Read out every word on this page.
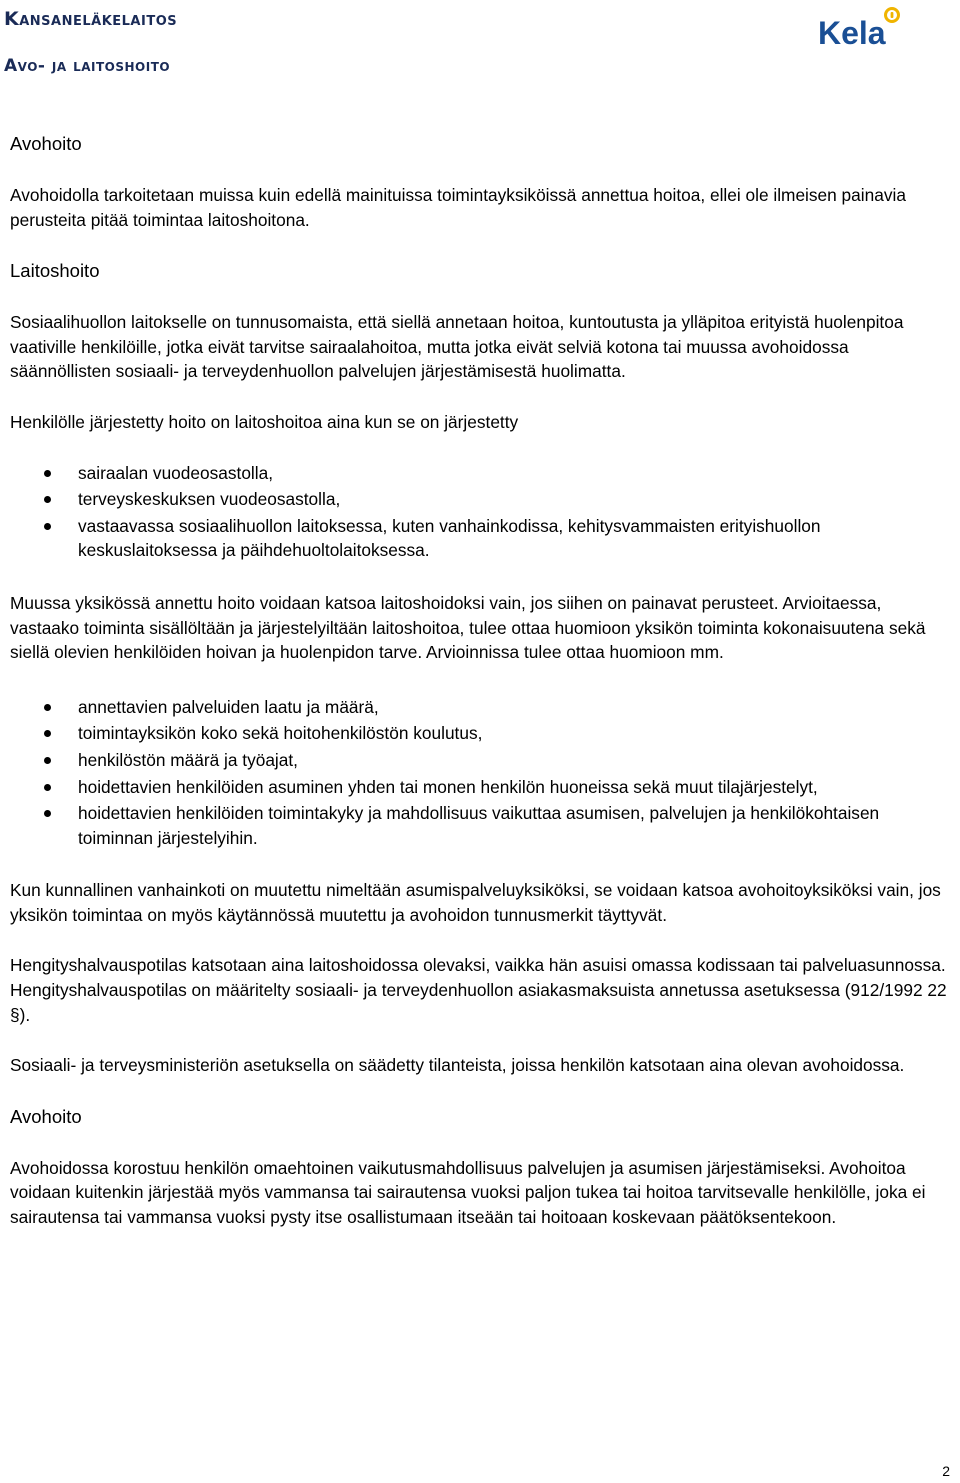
Kansaneläkelaitos
Avo- ja laitoshoito
Kela
Avohoito

Avohoidolla tarkoitetaan muissa kuin edellä mainituissa toimintayksiköissä annettua hoitoa, ellei ole ilmeisen painavia perusteita pitää toimintaa laitoshoitona.

Laitoshoito

Sosiaalihuollon laitokselle on tunnusomaista, että siellä annetaan hoitoa, kuntoutusta ja ylläpitoa erityistä huolenpitoa vaativille henkilöille, jotka eivät tarvitse sairaalahoitoa, mutta jotka eivät selviä kotona tai muussa avohoidossa säännöllisten sosiaali- ja terveydenhuollon palvelujen järjestämisestä huolimatta.

Henkilölle järjestetty hoito on laitoshoitoa aina kun se on järjestetty

sairaalan vuodeosastolla,
terveyskeskuksen vuodeosastolla,
vastaavassa sosiaalihuollon laitoksessa, kuten vanhainkodissa, kehitysvammaisten erityishuollon keskuslaitoksessa ja päihdehuoltolaitoksessa.

Muussa yksikössä annettu hoito voidaan katsoa laitoshoidoksi vain, jos siihen on painavat perusteet. Arvioitaessa, vastaako toiminta sisällöltään ja järjestelyiltään laitoshoitoa, tulee ottaa huomioon yksikön toiminta kokonaisuutena sekä siellä olevien henkilöiden hoivan ja huolenpidon tarve. Arvioinnissa tulee ottaa huomioon mm.

annettavien palveluiden laatu ja määrä,
toimintayksikön koko sekä hoitohenkilöstön koulutus,
henkilöstön määrä ja työajat,
hoidettavien henkilöiden asuminen yhden tai monen henkilön huoneissa sekä muut tilajärjestelyt,
hoidettavien henkilöiden toimintakyky ja mahdollisuus vaikuttaa asumisen, palvelujen ja henkilökohtaisen toiminnan järjestelyihin.

Kun kunnallinen vanhainkoti on muutettu nimeltään asumispalveluyksiköksi, se voidaan katsoa avohoitoyksiköksi vain, jos yksikön toimintaa on myös käytännössä muutettu ja avohoidon tunnusmerkit täyttyvät.

Hengityshalvauspotilas katsotaan aina laitoshoidossa olevaksi, vaikka hän asuisi omassa kodissaan tai palveluasunnossa. Hengityshalvauspotilas on määritelty sosiaali- ja terveydenhuollon asiakasmaksuista annetussa asetuksessa (912/1992 22 §).

Sosiaali- ja terveysministeriön asetuksella on säädetty tilanteista, joissa henkilön katsotaan aina olevan avohoidossa.

Avohoito

Avohoidossa korostuu henkilön omaehtoinen vaikutusmahdollisuus palvelujen ja asumisen järjestämiseksi. Avohoitoa voidaan kuitenkin järjestää myös vammansa tai sairautensa vuoksi paljon tukea tai hoitoa tarvitsevalle henkilölle, joka ei sairautensa tai vammansa vuoksi pysty itse osallistumaan itseään tai hoitoaan koskevaan päätöksentekoon.

2
